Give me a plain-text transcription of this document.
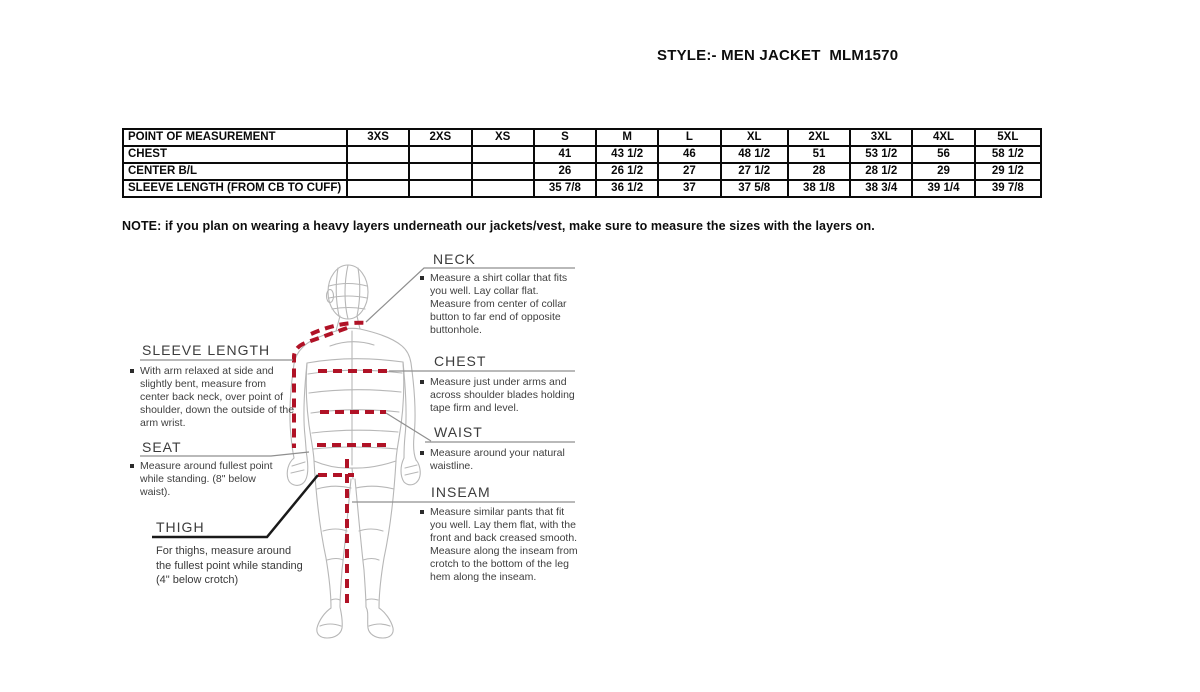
STYLE:- MEN JACKET  MLM1570
POINT OF MEASUREMENT	3XS	2XS	XS	S	M	L	XL	2XL	3XL	4XL	5XL
CHEST				41	43 1/2	46	48 1/2	51	53 1/2	56	58 1/2
CENTER B/L				26	26 1/2	27	27 1/2	28	28 1/2	29	29 1/2
SLEEVE LENGTH (FROM CB TO CUFF)				35 7/8	36 1/2	37	37 5/8	38 1/8	38 3/4	39 1/4	39 7/8
NOTE: if you plan on wearing a heavy layers underneath our jackets/vest, make sure to measure the sizes with the layers on.
NECK
Measure a shirt collar that fits you well. Lay collar flat. Measure from center of collar button to far end of opposite buttonhole.
CHEST
Measure just under arms and across shoulder blades holding tape firm and level.
WAIST
Measure around your natural waistline.
INSEAM
Measure similar pants that fit you well. Lay them flat, with the front and back creased smooth. Measure along the inseam from crotch to the bottom of the leg hem along the inseam.
SLEEVE LENGTH
With arm relaxed at side and slightly bent, measure from center back neck, over point of shoulder, down the outside of the arm wrist.
SEAT
Measure around fullest point while standing. (8" below waist).
THIGH
For thighs, measure around the fullest point while standing (4" below crotch)
